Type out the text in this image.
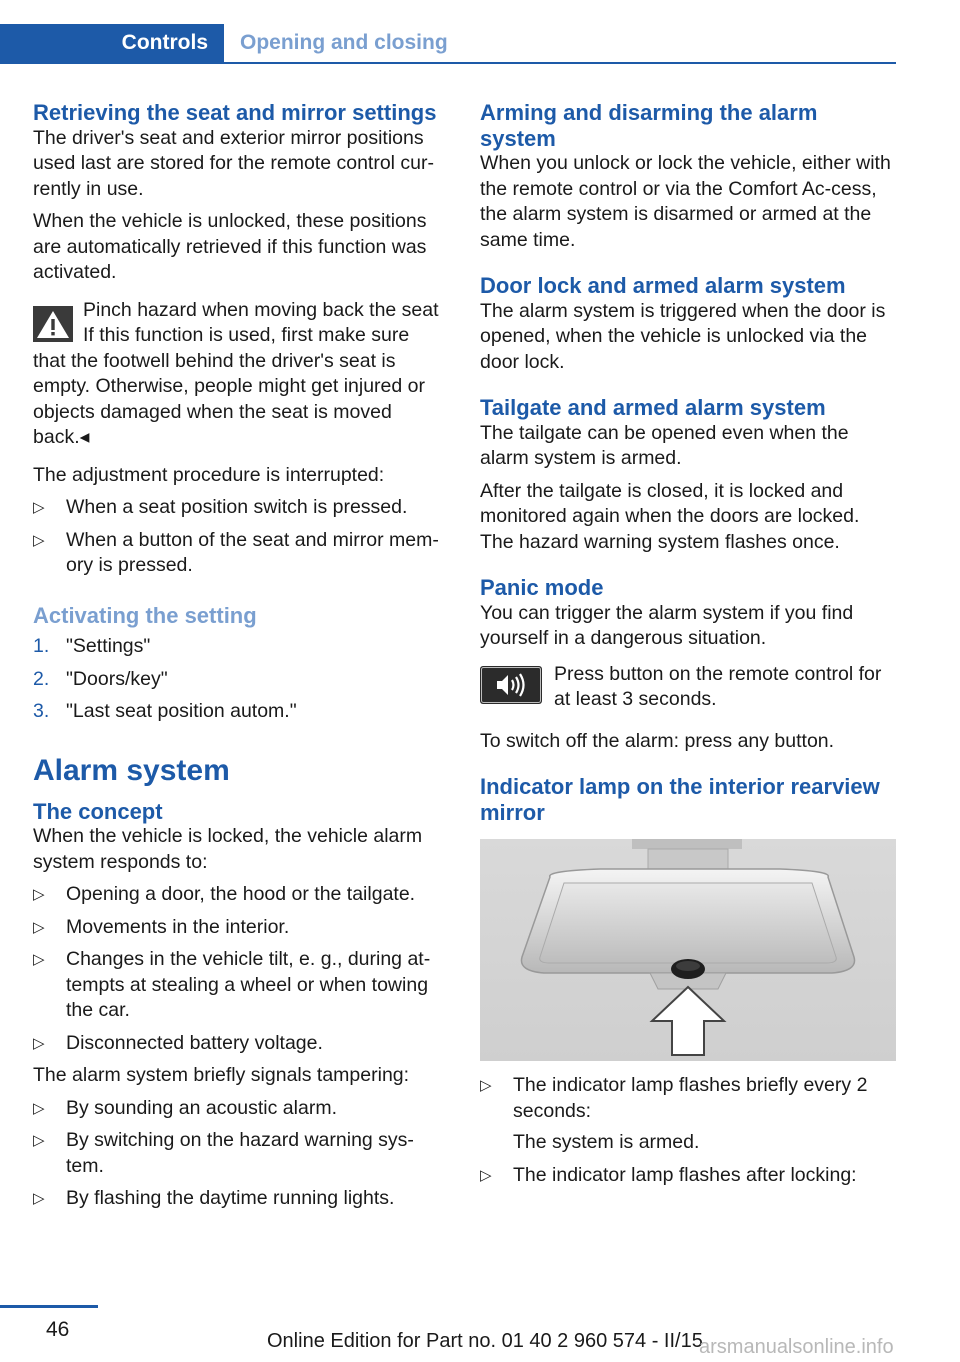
Controls	Opening and closing
Retrieving the seat and mirror settings

The driver's seat and exterior mirror positions used last are stored for the remote control cur‐rently in use.

When the vehicle is unlocked, these positions are automatically retrieved if this function was activated.

Pinch hazard when moving back the seat

If this function is used, first make sure

that the footwell behind the driver's seat is empty. Otherwise, people might get injured or objects damaged when the seat is moved back.◂

The adjustment procedure is interrupted:

▷ When a seat position switch is pressed.
▷ When a button of the seat and mirror mem‐ory is pressed.
Activating the setting
1. "Settings"
2. "Doors/key"
3. "Last seat position autom."
Alarm system
The concept

When the vehicle is locked, the vehicle alarm system responds to:

▷ Opening a door, the hood or the tailgate.
▷ Movements in the interior.
▷ Changes in the vehicle tilt, e. g., during at‐tempts at stealing a wheel or when towing the car.
▷ Disconnected battery voltage.

The alarm system briefly signals tampering:

▷ By sounding an acoustic alarm.
▷ By switching on the hazard warning sys‐tem.
▷ By flashing the daytime running lights.
Arming and disarming the alarm system

When you unlock or lock the vehicle, either with the remote control or via the Comfort Ac‐cess, the alarm system is disarmed or armed at the same time.

Door lock and armed alarm system

The alarm system is triggered when the door is opened, when the vehicle is unlocked via the door lock.

Tailgate and armed alarm system

The tailgate can be opened even when the alarm system is armed.

After the tailgate is closed, it is locked and monitored again when the doors are locked. The hazard warning system flashes once.

Panic mode

You can trigger the alarm system if you find yourself in a dangerous situation.

Press button on the remote control for at least 3 seconds.

To switch off the alarm: press any button.

Indicator lamp on the interior rearview mirror
▷ The indicator lamp flashes briefly every 2 seconds:
The system is armed.
▷ The indicator lamp flashes after locking:
46	Online Edition for Part no. 01 40 2 960 574 - II/15
arsmanualsonline.info
